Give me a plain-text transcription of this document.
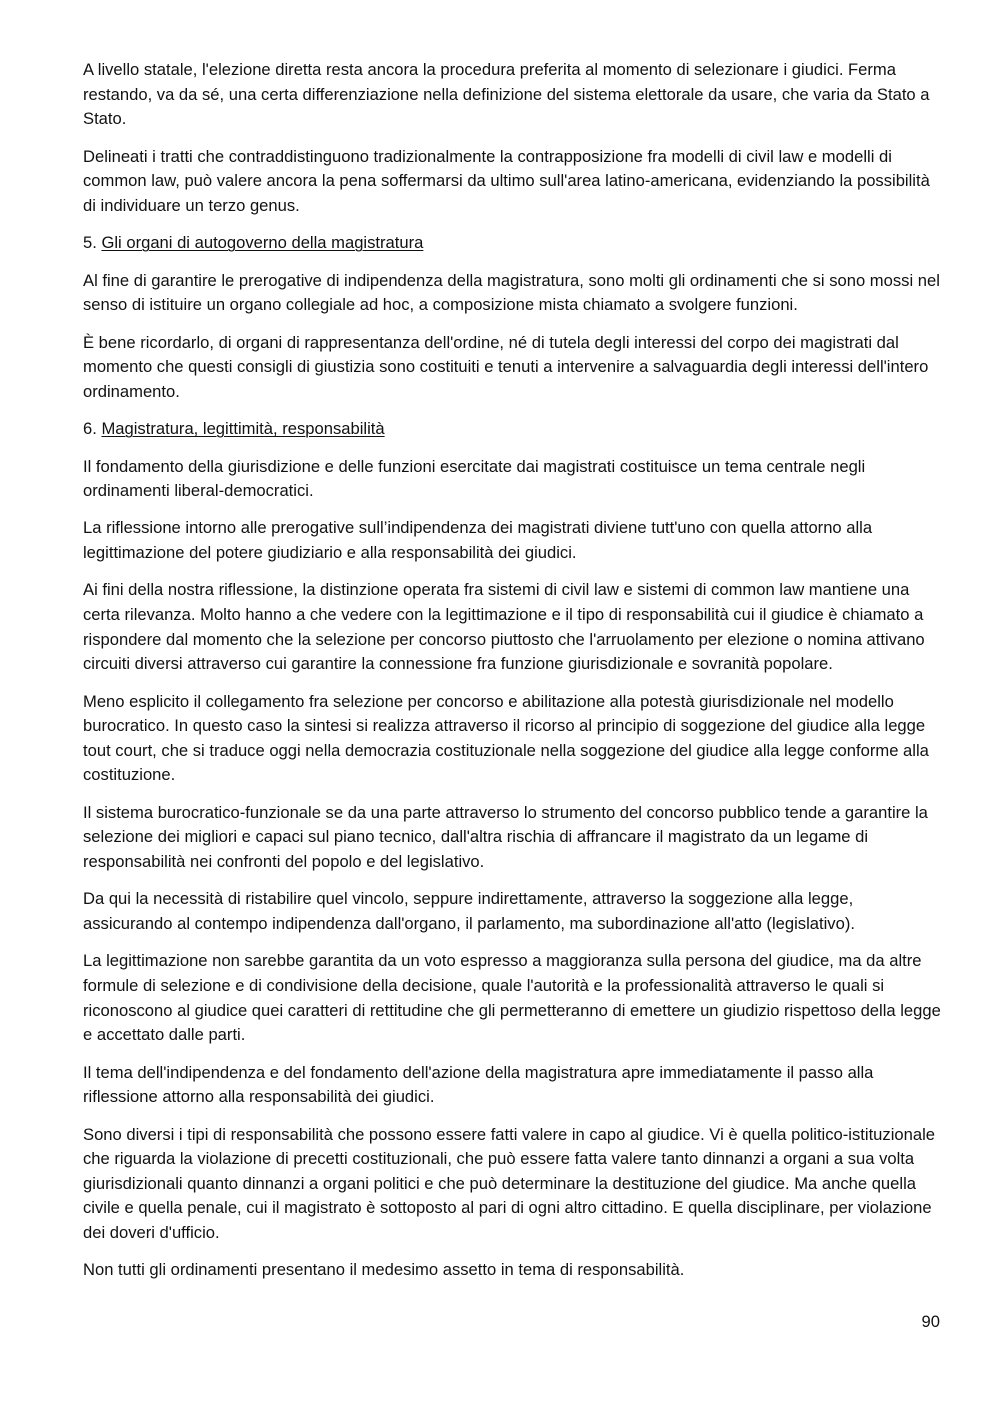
A livello statale, l'elezione diretta resta ancora la procedura preferita al momento di selezionare i giudici. Ferma restando, va da sé, una certa differenziazione nella definizione del sistema elettorale da usare, che varia da Stato a Stato.

Delineati i tratti che contraddistinguono tradizionalmente la contrapposizione fra modelli di civil law e modelli di common law, può valere ancora la pena soffermarsi da ultimo sull'area latino-americana, evidenziando la possibilità di individuare un terzo genus.

5. Gli organi di autogoverno della magistratura

Al fine di garantire le prerogative di indipendenza della magistratura, sono molti gli ordinamenti che si sono mossi nel senso di istituire un organo collegiale ad hoc, a composizione mista chiamato a svolgere funzioni.

È bene ricordarlo, di organi di rappresentanza dell'ordine, né di tutela degli interessi del corpo dei magistrati dal momento che questi consigli di giustizia sono costituiti e tenuti a intervenire a salvaguardia degli interessi dell'intero ordinamento.

6. Magistratura, legittimità, responsabilità

Il fondamento della giurisdizione e delle funzioni esercitate dai magistrati costituisce un tema centrale negli ordinamenti liberal-democratici.

La riflessione intorno alle prerogative sull’indipendenza dei magistrati diviene tutt'uno con quella attorno alla legittimazione del potere giudiziario e alla responsabilità dei giudici.

Ai fini della nostra riflessione, la distinzione operata fra sistemi di civil law e sistemi di common law mantiene una certa rilevanza. Molto hanno a che vedere con la legittimazione e il tipo di responsabilità cui il giudice è chiamato a rispondere dal momento che la selezione per concorso piuttosto che l'arruolamento per elezione o nomina attivano circuiti diversi attraverso cui garantire la connessione fra funzione giurisdizionale e sovranità popolare.

Meno esplicito il collegamento fra selezione per concorso e abilitazione alla potestà giurisdizionale nel modello burocratico. In questo caso la sintesi si realizza attraverso il ricorso al principio di soggezione del giudice alla legge tout court, che si traduce oggi nella democrazia costituzionale nella soggezione del giudice alla legge conforme alla costituzione.

Il sistema burocratico-funzionale se da una parte attraverso lo strumento del concorso pubblico tende a garantire la selezione dei migliori e capaci sul piano tecnico, dall'altra rischia di affrancare il magistrato da un legame di responsabilità nei confronti del popolo e del legislativo.

Da qui la necessità di ristabilire quel vincolo, seppure indirettamente, attraverso la soggezione alla legge, assicurando al contempo indipendenza dall'organo, il parlamento, ma subordinazione all'atto (legislativo).

La legittimazione non sarebbe garantita da un voto espresso a maggioranza sulla persona del giudice, ma da altre formule di selezione e di condivisione della decisione, quale l'autorità e la professionalità attraverso le quali si riconoscono al giudice quei caratteri di rettitudine che gli permetteranno di emettere un giudizio rispettoso della legge e accettato dalle parti.

Il tema dell'indipendenza e del fondamento dell'azione della magistratura apre immediatamente il passo alla riflessione attorno alla responsabilità dei giudici.

Sono diversi i tipi di responsabilità che possono essere fatti valere in capo al giudice. Vi è quella politico-istituzionale che riguarda la violazione di precetti costituzionali, che può essere fatta valere tanto dinnanzi a organi a sua volta giurisdizionali quanto dinnanzi a organi politici e che può determinare la destituzione del giudice. Ma anche quella civile e quella penale, cui il magistrato è sottoposto al pari di ogni altro cittadino. E quella disciplinare, per violazione dei doveri d'ufficio.

Non tutti gli ordinamenti presentano il medesimo assetto in tema di responsabilità.

90
